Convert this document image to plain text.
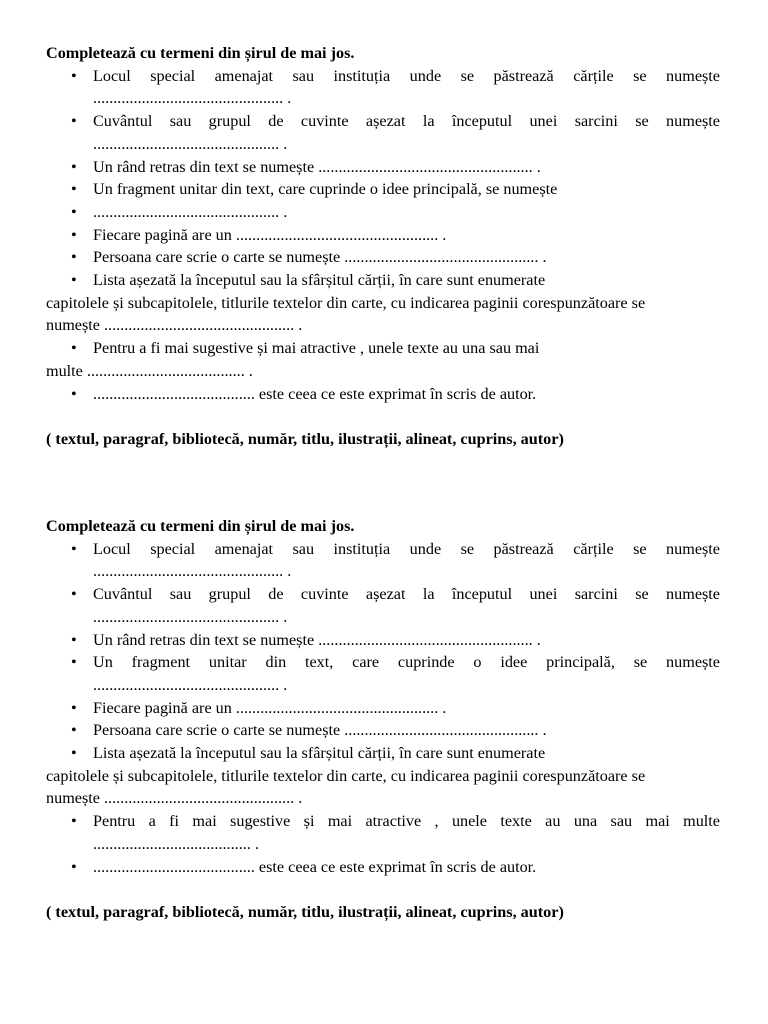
Completează cu termeni din șirul de mai jos.
• Locul special amenajat sau instituția unde se păstrează cărțile se numește ............................................... .
• Cuvântul sau grupul de cuvinte așezat la începutul unei sarcini se numește .............................................. .
• Un rând retras din text se numește ..................................................... .
• Un fragment unitar din text, care cuprinde o idee principală, se numește
• .............................................. .
• Fiecare pagină are un .................................................. .
• Persoana care scrie o carte se numește ................................................ .
• Lista așezată la începutul sau la sfârșitul cărții, în care sunt enumerate
capitolele și subcapitolele, titlurile textelor din carte, cu indicarea paginii corespunzătoare se
numește ............................................... .
• Pentru a fi mai sugestive și mai atractive , unele texte au una sau mai
multe ....................................... .
• ........................................ este ceea ce este exprimat în scris de autor.
( textul, paragraf, bibliotecă, număr, titlu, ilustrații, alineat, cuprins, autor)
Completează cu termeni din șirul de mai jos.
• Locul special amenajat sau instituția unde se păstrează cărțile se numește ............................................... .
• Cuvântul sau grupul de cuvinte așezat la începutul unei sarcini se numește .............................................. .
• Un rând retras din text se numește ..................................................... .
• Un fragment unitar din text, care cuprinde o idee principală, se numește .............................................. .
• Fiecare pagină are un .................................................. .
• Persoana care scrie o carte se numește ................................................ .
• Lista așezată la începutul sau la sfârșitul cărții, în care sunt enumerate
capitolele și subcapitolele, titlurile textelor din carte, cu indicarea paginii corespunzătoare se
numește ............................................... .
• Pentru a fi mai sugestive și mai atractive , unele texte au una sau mai multe ....................................... .
• ........................................ este ceea ce este exprimat în scris de autor.
( textul, paragraf, bibliotecă, număr, titlu, ilustrații, alineat, cuprins, autor)
